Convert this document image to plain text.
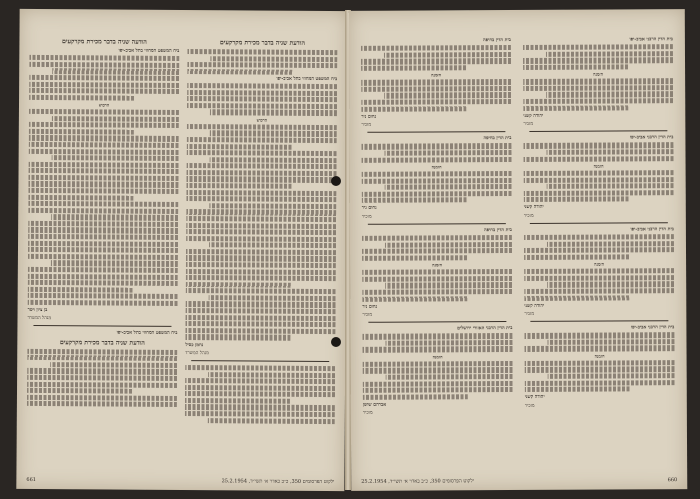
הודעת שניה בדבר מכירת מקרקעים
ביח המשפט המחוזי בתל אביב-יפו
הרכוש
נחמן כסיל
מנהל המשרד
הודעה שניה בדבר מכירת מקרקעים
ביח המשפט המחוזי בתל אביב-יפו
הרכוש
בן ציון ויסר
מנהל המשרד
ביח המשפט המחוזי בתל אביב-יפו
הודעת שניה בדבר מכירת מקרקעים
661	ילקוט הפרסומים 350, כ״ב באדר א׳ תשי״ד, 25.2.1954
בית הדין הרבני אביב-יפו
הזמנה
יהודה קשני
מזכיר
בית הדין הרבני אביב-יפו
הזמנה
יהודה קשני
מזכיר
בית הדין הרבני אביב-יפו
הזמנה
יהודה קשני
מזכיר
בית הדין הרבני אביב-יפו
הזמנה
יהודה קשני
מזכיר
בית הדין בחיפה
הזמנה
נחום ניר
מזכיר
בית הדין בחיפה
הזמנה
נחום ניר
מזכיר
בית הדין בחיפה
הזמנה
נחום ניר
מזכיר
בית הדין הרבני האזורי ירושלים
הזמנה
אברהם שושן
מזכיר
ילקוט הפרסומים 350, כ״ב באדר א׳ תשי״ד, 25.2.1954	660
